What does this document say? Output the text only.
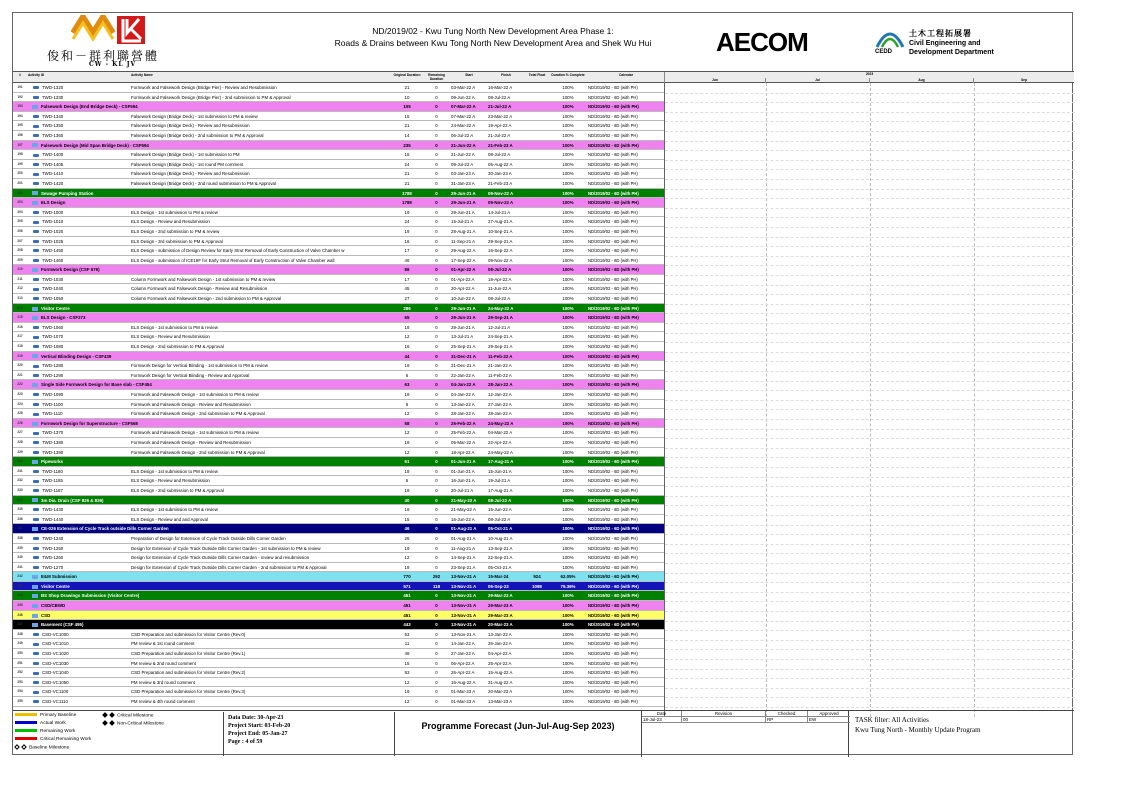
俊和－群利聯營體
CW - KL JV
ND/2019/02 - Kwu Tung North New Development Area Phase 1:
Roads & Drains between Kwu Tong North New Development Area and Shek Wu Hui	AECOM	CEDD
土木工程拓展署
Civil Engineering and
Development Department
#	Activity ID	Activity Name	Original Duration	Remaining Duration
Start	Finish	Total Float	Duration % Complete	Calendar	2023
Jun	Jul	Aug	Sep
191	TWD-1320	Formwork and Falsework Design (Bridge Pier) - Review and Resubmission	21	0	03-Mar-22 A	16-Mar-22 A	100%	ND/2019/02 - 6D (with PH)
192	TWD-1330	Formwork and Falsework Design (Bridge Pier) - 2nd submission to PM & Approval	10	0	09-Jun-22 A	08-Jul-22 A	100%	ND/2019/02 - 6D (with PH)
193	Falsework Design (End Bridge Deck) - CSF594	105	0	07-Mar-22 A	21-Jul-22 A	100%	ND/2019/02 - 6D (with PH)
194	TWD-1340	Falsework Design (Bridge Deck) - 1st submission to PM & review	15	0	07-Mar-22 A	23-Mar-22 A	100%	ND/2019/02 - 6D (with PH)
195	TWD-1350	Falsework Design (Bridge Deck) - Review and Resubmission	21	0	24-Mar-22 A	19-Apr-22 A	100%	ND/2019/02 - 6D (with PH)
196	TWD-1360	Falsework Design (Bridge Deck) - 2nd submission to PM & Approval	14	0	06-Jul-22 A	21-Jul-22 A	100%	ND/2019/02 - 6D (with PH)
197	Falsework Design (Mid Span Bridge Deck) - CSF594	235	0	21-Jun-22 A	21-Feb-23 A	100%	ND/2019/02 - 6D (with PH)
198	TWD-1400	Falsework Design (Bridge Deck) - 1st submission to PM	15	0	21-Jun-22 A	08-Jul-22 A	100%	ND/2019/02 - 6D (with PH)
199	TWD-1405	Falsework Design (Bridge Deck) - 1st round PM comment	24	0	09-Jul-22 A	05-Aug-22 A	100%	ND/2019/02 - 6D (with PH)
200	TWD-1410	Falsework Design (Bridge Deck) - Review and Resubmission	21	0	03-Jan-23 A	30-Jan-23 A	100%	ND/2019/02 - 6D (with PH)
201	TWD-1420	Falsework Design (Bridge Deck) - 2nd round submission to PM & Approval	21	0	31-Jan-23 A	21-Feb-23 A	100%	ND/2019/02 - 6D (with PH)
202	Sewage Pumping Station	1789	0	29-Jun-21 A	09-Nov-22 A	100%	ND/2019/02 - 6D (with PH)
203	ELS Design	1789	0	29-Jun-21 A	09-Nov-22 A	100%	ND/2019/02 - 6D (with PH)
204	TWD-1000	ELS Design - 1st submission to PM & review	19	0	29-Jun-21 A	14-Jul-21 A	100%	ND/2019/02 - 6D (with PH)
205	TWD-1010	ELS Design - Review and Resubmission	24	0	15-Jul-21 A	27-Aug-21 A	100%	ND/2019/02 - 6D (with PH)
206	TWD-1020	ELS Design - 2nd submission to PM & review	19	0	28-Aug-21 A	10-Sep-21 A	100%	ND/2019/02 - 6D (with PH)
207	TWD-1025	ELS Design - 3rd submission to PM & Approval	16	0	11-Sep-21 A	29-Sep-21 A	100%	ND/2019/02 - 6D (with PH)
208	TWD-1450	ELS Design - submission of Design Review for Early Strut Removal of Early Construction of Valve Chamber w	17	0	29-Aug-22 A	16-Sep-22 A	100%	ND/2019/02 - 6D (with PH)
209	TWD-1460	ELS Design - submission of ICE19F for Early Strut Removal of Early Construction of Valve Chamber wall	46	0	17-Sep-22 A	09-Nov-22 A	100%	ND/2019/02 - 6D (with PH)
210	Formwork Design (CSF 679)	86	0	01-Apr-22 A	08-Jul-22 A	100%	ND/2019/02 - 6D (with PH)
211	TWD-1030	Column Formwork and Falsework Design - 1st submission to PM & review	17	0	01-Apr-22 A	19-Apr-22 A	100%	ND/2019/02 - 6D (with PH)
212	TWD-1040	Column Formwork and Falsework Design - Review and Resubmission	45	0	20-Apr-22 A	11-Jun-22 A	100%	ND/2019/02 - 6D (with PH)
213	TWD-1050	Column Formwork and Falsework Design - 2nd submission to PM & Approval	27	0	10-Jun-22 A	08-Jul-22 A	100%	ND/2019/02 - 6D (with PH)
214	Visitor Centre	286	0	29-Jun-21 A	24-May-22 A	100%	ND/2019/02 - 6D (with PH)
215	ELS Design - CSF273	65	0	29-Jun-21 A	29-Sep-21 A	100%	ND/2019/02 - 6D (with PH)
216	TWD-1060	ELS Design - 1st submission to PM & review	19	0	29-Jun-21 A	12-Jul-21 A	100%	ND/2019/02 - 6D (with PH)
217	TWD-1070	ELS Design - Review and Resubmission	12	0	13-Jul-21 A	24-Sep-21 A	100%	ND/2019/02 - 6D (with PH)
218	TWD-1080	ELS Design - 2nd submission to PM & Approval	16	0	25-Sep-21 A	29-Sep-21 A	100%	ND/2019/02 - 6D (with PH)
219	Vertical Blinding Design - CSF439	44	0	31-Dec-21 A	11-Feb-22 A	100%	ND/2019/02 - 6D (with PH)
220	TWD-1280	Formwork Design for Vertical Blinding - 1st submission to PM & review	19	0	31-Dec-21 A	21-Jan-22 A	100%	ND/2019/02 - 6D (with PH)
221	TWD-1290	Formwork Design for Vertical Blinding - Review and Approval	6	0	22-Jan-22 A	11-Feb-22 A	100%	ND/2019/02 - 6D (with PH)
222	Single Side Formwork Design for Base slab - CSF454	63	0	04-Jan-22 A	28-Jan-22 A	100%	ND/2019/02 - 6D (with PH)
223	TWD-1090	Formwork and Falsework Design - 1st submission to PM & review	19	0	04-Jan-22 A	12-Jan-22 A	100%	ND/2019/02 - 6D (with PH)
224	TWD-1100	Formwork and Falsework Design - Review and Resubmission	6	0	13-Jan-22 A	27-Jan-22 A	100%	ND/2019/02 - 6D (with PH)
225	TWD-1110	Formwork and Falsework Design - 2nd submission to PM & Approval	12	0	28-Jan-22 A	28-Jan-22 A	100%	ND/2019/02 - 6D (with PH)
226	Formwork Design for Superstructure - CSF568	58	0	25-Feb-22 A	24-May-22 A	100%	ND/2019/02 - 6D (with PH)
227	TWD-1370	Formwork and Falsework Design - 1st submission to PM & review	12	0	25-Feb-22 A	04-Mar-22 A	100%	ND/2019/02 - 6D (with PH)
228	TWD-1380	Formwork and Falsework Design - Review and Resubmission	19	0	05-Mar-22 A	22-Apr-22 A	100%	ND/2019/02 - 6D (with PH)
229	TWD-1390	Formwork and Falsework Design - 2nd submission to PM & Approval	12	0	18-Apr-22 A	24-May-22 A	100%	ND/2019/02 - 6D (with PH)
230	Pipeworks	51	0	01-Jun-21 A	17-Aug-21 A	100%	ND/2019/02 - 6D (with PH)
231	TWD-1180	ELS Design - 1st submission to PM & review	19	0	01-Jun-21 A	15-Jun-21 A	100%	ND/2019/02 - 6D (with PH)
232	TWD-1185	ELS Design - Review and Resubmission	6	0	16-Jun-21 A	19-Jul-21 A	100%	ND/2019/02 - 6D (with PH)
233	TWD-1187	ELS Design - 2nd submission to PM & Approval	19	0	20-Jul-21 A	17-Aug-21 A	100%	ND/2019/02 - 6D (with PH)
234	3m Dia. Drain (CSF 826 & 836)	40	0	21-May-22 A	08-Jul-22 A	100%	ND/2019/02 - 6D (with PH)
235	TWD-1430	ELS Design - 1st submission to PM & review	19	0	21-May-22 A	15-Jun-22 A	100%	ND/2019/02 - 6D (with PH)
236	TWD-1440	ELS Design - Review and and Approval	15	0	16-Jun-22 A	08-Jul-22 A	100%	ND/2019/02 - 6D (with PH)
237	CE-026 Extension of Cycle Track outside Dills Corner Garden	46	0	01-Aug-21 A	05-Oct-21 A	100%	ND/2019/02 - 6D (with PH)
238	TWD-1240	Preparation of Design for Extension of Cycle Track Outside Dills Corner Garden	25	0	01-Aug-21 A	10-Aug-21 A	100%	ND/2019/02 - 6D (with PH)
239	TWD-1250	Design for Extension of Cycle Track Outside Dills Corner Garden - 1st submission to PM & review	19	0	11-Aug-21 A	13-Sep-21 A	100%	ND/2019/02 - 6D (with PH)
240	TWD-1260	Design for Extension of Cycle Track Outside Dills Corner Garden - review and resubmission	12	0	14-Sep-21 A	22-Sep-21 A	100%	ND/2019/02 - 6D (with PH)
241	TWD-1270	Design for Extension of Cycle Track Outside Dills Corner Garden - 2nd submission to PM & Approval	19	0	23-Sep-21 A	05-Oct-21 A	100%	ND/2019/02 - 6D (with PH)
242	E&M Submission	770	292	13-Nov-21 A	15-Mar-24	924	62.05%	ND/2019/02 - 6D (with PH)
243	Visitor Centre	571	118	13-Nov-21 A	05-Sep-23	1098	79.36%	ND/2019/02 - 6D (with PH)
244	BS Shop Drawings Submission (Visitor Centre)	451	0	13-Nov-21 A	29-Mar-23 A	100%	ND/2019/02 - 6D (with PH)
245	CSD/CBWD	451	0	13-Nov-21 A	29-Mar-23 A	100%	ND/2019/02 - 6D (with PH)
246	CSD	451	0	13-Nov-21 A	29-Mar-23 A	100%	ND/2019/02 - 6D (with PH)
247	Basement (CSF 495)	443	0	13-Nov-21 A	20-Mar-23 A	100%	ND/2019/02 - 6D (with PH)
248	CSD-VC1000	CSD Preparation and submission for Visitor Centre (Rev.0)	53	0	13-Nov-21 A	13-Jan-22 A	100%	ND/2019/02 - 6D (with PH)
249	CSD-VC1010	PM review & 1st round comment	11	0	14-Jan-22 A	26-Jan-22 A	100%	ND/2019/02 - 6D (with PH)
250	CSD-VC1020	CSD Preparation and submission for Visitor Centre (Rev.1)	49	0	27-Jan-22 A	04-Apr-22 A	100%	ND/2019/02 - 6D (with PH)
251	CSD-VC1030	PM review & 2nd round comment	15	0	06-Apr-22 A	25-Apr-22 A	100%	ND/2019/02 - 6D (with PH)
252	CSD-VC1040	CSD Preparation and submission for Visitor Centre (Rev.2)	93	0	26-Apr-22 A	15-Aug-22 A	100%	ND/2019/02 - 6D (with PH)
253	CSD-VC1050	PM review & 3rd round comment	12	0	16-Aug-22 A	31-Aug-22 A	100%	ND/2019/02 - 6D (with PH)
254	CSD-VC1100	CSD Preparation and submission for Visitor Centre (Rev.3)	19	0	01-Mar-23 A	20-Mar-23 A	100%	ND/2019/02 - 6D (with PH)
255	CSD-VC1110	PM review & 4th round comment	12	0	01-Mar-23 A	13-Mar-23 A	100%	ND/2019/02 - 6D (with PH)
Primary Baseline
Actual Work
Remaining Work
Critical Remaining Work
Baseline Milestone
Critical Milestone
Non-Critical Milestone
Data Date: 30-Apr-23
Project Start: 03-Feb-20
Project End: 05-Jan-27
Page : 4 of 59
Programme Forecast (Jun-Jul-Aug-Sep 2023)
Date	Revision	Checked	Approved
18-Jul-23	00	RP	EW	TASK filter: All Activities
Kwu Tung North - Monthly Update Program
